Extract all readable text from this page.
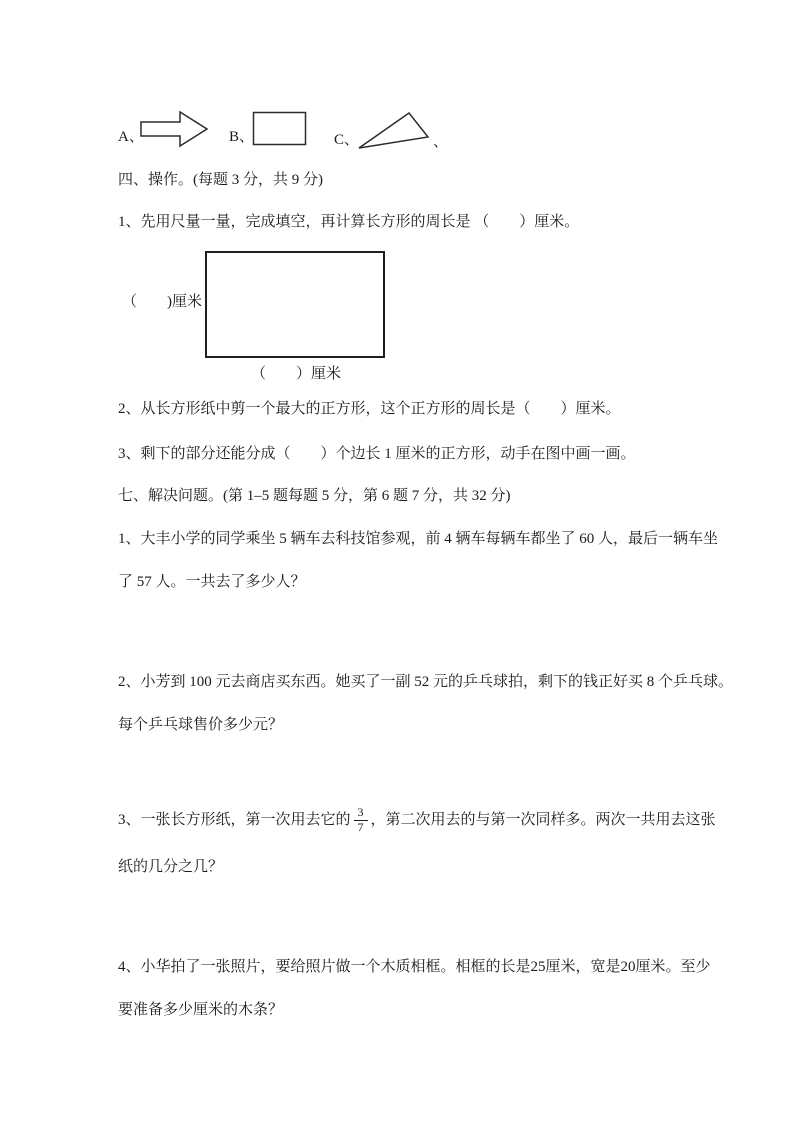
A、	B、	C、	、
四、操作。(每题 3 分，共 9 分)
1、先用尺量一量，完成填空，再计算长方形的周长是 （　　）厘米。
（　　)厘米
（　　）厘米
2、从长方形纸中剪一个最大的正方形，这个正方形的周长是（　　）厘米。
3、剩下的部分还能分成（　　）个边长 1 厘米的正方形，动手在图中画一画。
七、解决问题。(第 1–5 题每题 5 分，第 6 题 7 分，共 32 分)
1、大丰小学的同学乘坐 5 辆车去科技馆参观，前 4 辆车每辆车都坐了 60 人，最后一辆车坐
了 57 人。一共去了多少人？
2、小芳到 100 元去商店买东西。她买了一副 52 元的乒乓球拍，剩下的钱正好买 8 个乒乓球。
每个乒乓球售价多少元？
3、一张长方形纸，第一次用去它的 $\frac{3}{7}$ ，第二次用去的与第一次同样多。两次一共用去这张
纸的几分之几？
4、小华拍了一张照片，要给照片做一个木质相框。相框的长是25厘米，宽是20厘米。至少
要准备多少厘米的木条？
